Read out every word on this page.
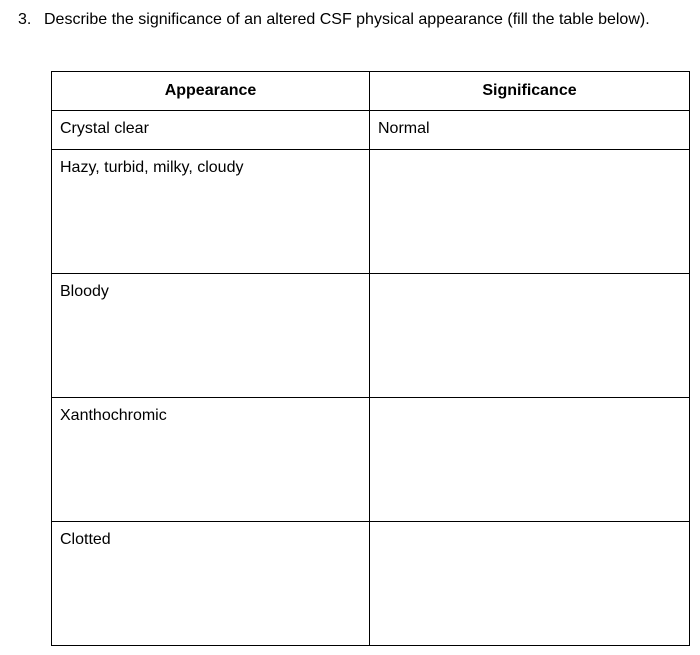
3. Describe the significance of an altered CSF physical appearance (fill the table below).
Appearance	Significance
Crystal clear	Normal
Hazy, turbid, milky, cloudy	
Bloody	
Xanthochromic	
Clotted	
